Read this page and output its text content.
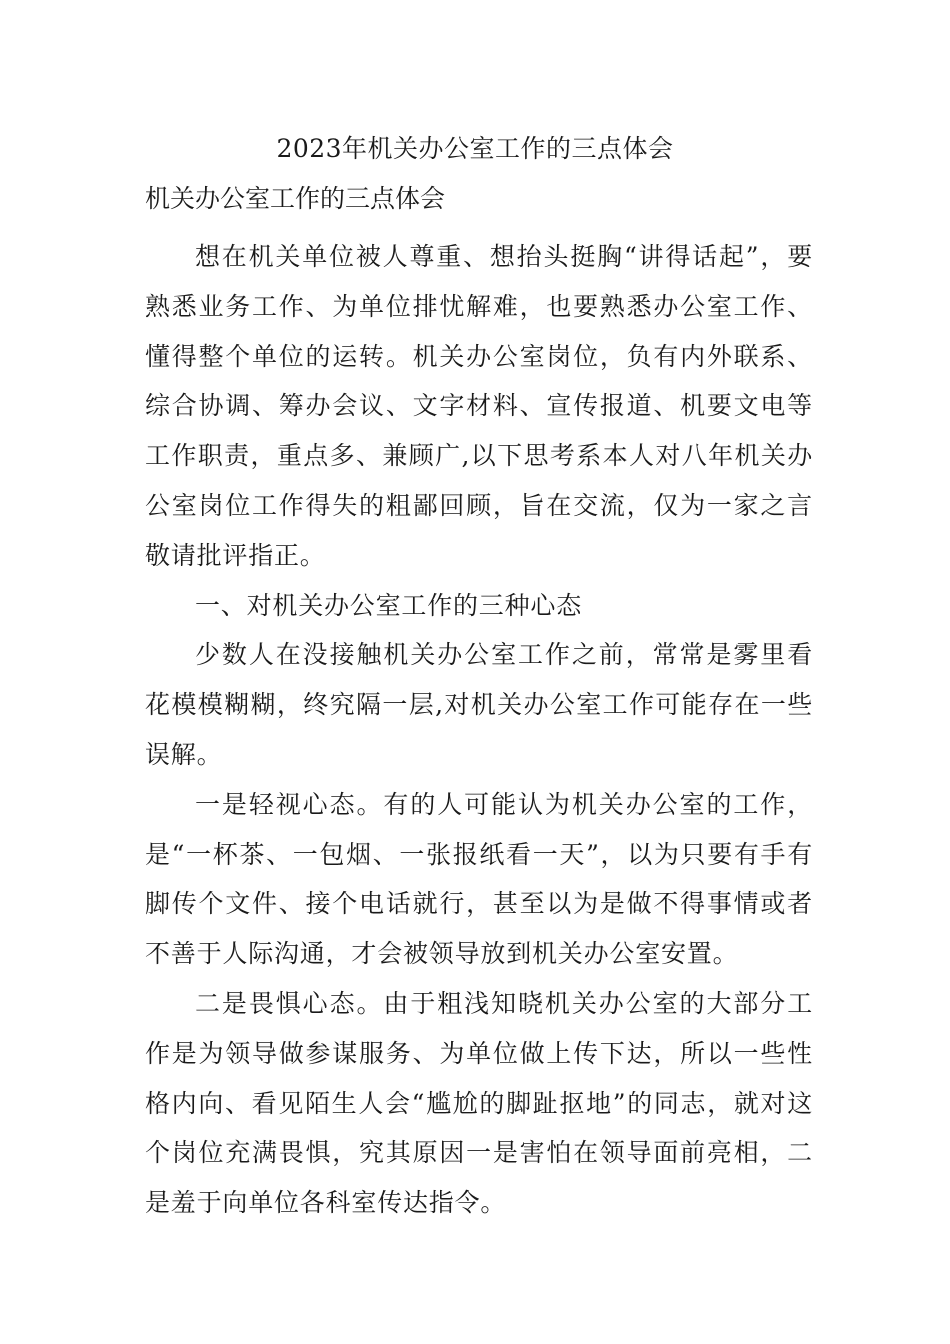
2023年机关办公室工作的三点体会
机关办公室工作的三点体会

想在机关单位被人尊重、想抬头挺胸“讲得话起”，要熟悉业务工作、为单位排忧解难，也要熟悉办公室工作、懂得整个单位的运转。机关办公室岗位，负有内外联系、综合协调、筹办会议、文字材料、宣传报道、机要文电等工作职责，重点多、兼顾广,以下思考系本人对八年机关办公室岗位工作得失的粗鄙回顾，旨在交流，仅为一家之言敬请批评指正。

一、对机关办公室工作的三种心态

少数人在没接触机关办公室工作之前，常常是雾里看花模模糊糊，终究隔一层,对机关办公室工作可能存在一些误解。

一是轻视心态。有的人可能认为机关办公室的工作，是“一杯茶、一包烟、一张报纸看一天”，以为只要有手有脚传个文件、接个电话就行，甚至以为是做不得事情或者不善于人际沟通，才会被领导放到机关办公室安置。

二是畏惧心态。由于粗浅知晓机关办公室的大部分工作是为领导做参谋服务、为单位做上传下达，所以一些性格内向、看见陌生人会“尴尬的脚趾抠地”的同志，就对这个岗位充满畏惧，究其原因一是害怕在领导面前亮相，二是羞于向单位各科室传达指令。
